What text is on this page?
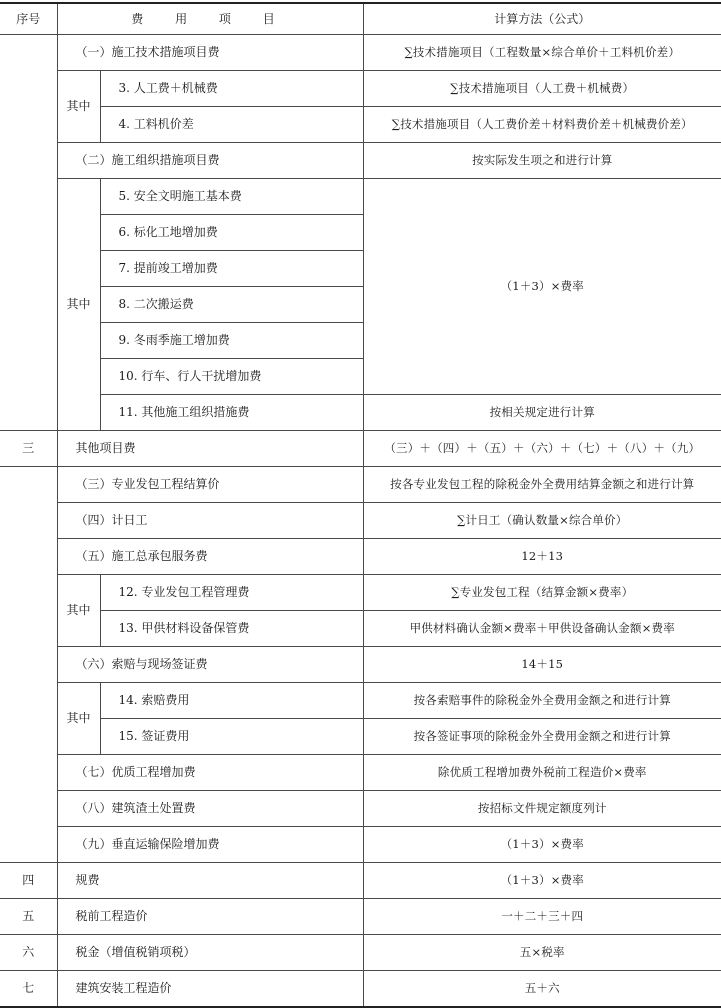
序号	费 用 项 目		计算方法（公式）
	（一）施工技术措施项目费		∑技术措施项目（工程数量×综合单价＋工料机价差）
	其中	3. 人工费＋机械费	∑技术措施项目（人工费＋机械费）
		4. 工料机价差	∑技术措施项目（人工费价差＋材料费价差＋机械费价差）
	（二）施工组织措施项目费		按实际发生项之和进行计算
	其中	5. 安全文明施工基本费	（1＋3）×费率
		6. 标化工地增加费	
		7. 提前竣工增加费	
		8. 二次搬运费	
		9. 冬雨季施工增加费	
		10. 行车、行人干扰增加费	
		11. 其他施工组织措施费	按相关规定进行计算
三	其他项目费		（三）＋（四）＋（五）＋（六）＋（七）＋（八）＋（九）
	（三）专业发包工程结算价		按各专业发包工程的除税金外全费用结算金额之和进行计算
	（四）计日工		∑计日工（确认数量×综合单价）
	（五）施工总承包服务费		12＋13
	其中	12. 专业发包工程管理费	∑专业发包工程（结算金额×费率）
		13. 甲供材料设备保管费	甲供材料确认金额×费率＋甲供设备确认金额×费率
	（六）索赔与现场签证费		14＋15
	其中	14. 索赔费用	按各索赔事件的除税金外全费用金额之和进行计算
		15. 签证费用	按各签证事项的除税金外全费用金额之和进行计算
	（七）优质工程增加费		除优质工程增加费外税前工程造价×费率
	（八）建筑渣土处置费		按招标文件规定额度列计
	（九）垂直运输保险增加费		（1＋3）×费率
四	规费		（1＋3）×费率
五	税前工程造价		一＋二＋三＋四
六	税金（增值税销项税）		五×税率
七	建筑安装工程造价		五＋六
